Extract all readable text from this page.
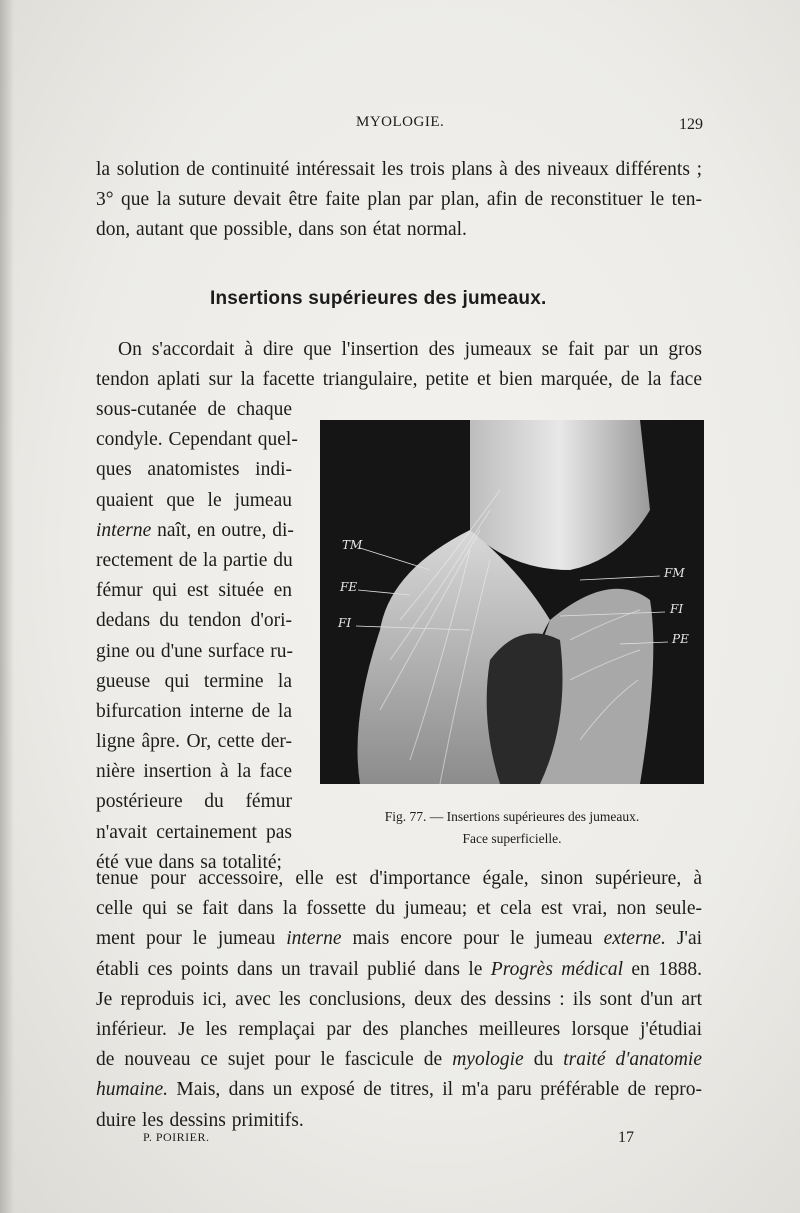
MYOLOGIE.	129
la solution de continuité intéressait les trois plans à des niveaux différents ;
3° que la suture devait être faite plan par plan, afin de reconstituer le ten-
don, autant que possible, dans son état normal.
Insertions supérieures des jumeaux.
On s'accordait à dire que l'insertion des jumeaux se fait par un gros
tendon aplati sur la facette triangulaire, petite et bien marquée, de la face
sous-cutanée de chaque
condyle. Cependant quel-
ques anatomistes indi-
quaient que le jumeau
interne naît, en outre, di-
rectement de la partie du
fémur qui est située en
dedans du tendon d'ori-
gine ou d'une surface ru-
gueuse qui termine la
bifurcation interne de la
ligne âpre. Or, cette der-
nière insertion à la face
postérieure du fémur
n'avait certainement pas
été vue dans sa totalité;
TM
FE
FI
FM
FI
PE
Fig. 77. — Insertions supérieures des jumeaux.
Face superficielle.
tenue pour accessoire, elle est d'importance égale, sinon supérieure, à
celle qui se fait dans la fossette du jumeau; et cela est vrai, non seule-
ment pour le jumeau interne mais encore pour le jumeau externe. J'ai
établi ces points dans un travail publié dans le Progrès médical en 1888.
Je reproduis ici, avec les conclusions, deux des dessins : ils sont d'un art
inférieur. Je les remplaçai par des planches meilleures lorsque j'étudiai
de nouveau ce sujet pour le fascicule de myologie du traité d'anatomie
humaine. Mais, dans un exposé de titres, il m'a paru préférable de repro-
duire les dessins primitifs.
P. POIRIER.	17
